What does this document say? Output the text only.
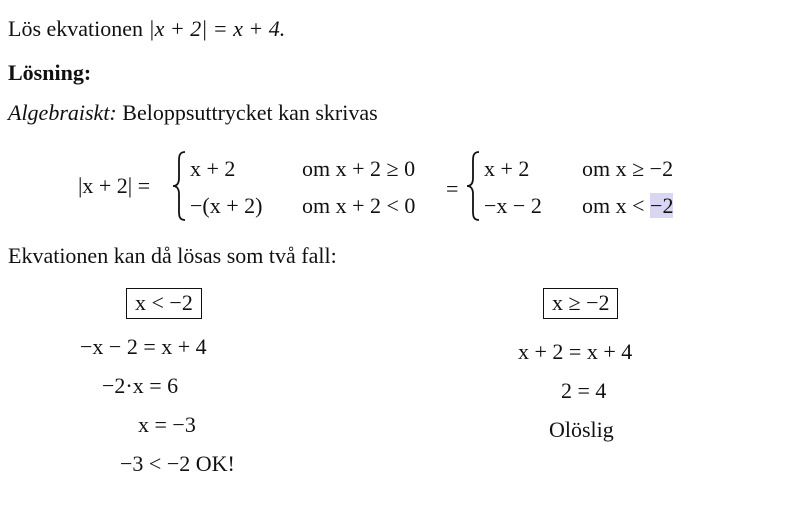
Lös ekvationen |x + 2| = x + 4.
Lösning:
Algebraiskt: Beloppsuttrycket kan skrivas
|x + 2| =
x + 2	om x + 2 ≥ 0
−(x + 2) om x + 2 < 0
=
x + 2 om x ≥ −2
−x − 2 om x < −2
Ekvationen kan då lösas som två fall:
x < −2
−x − 2 = x + 4
−2·x = 6
x = −3
−3 < −2 OK!
x ≥ −2
x + 2 = x + 4
2 = 4
Olöslig
